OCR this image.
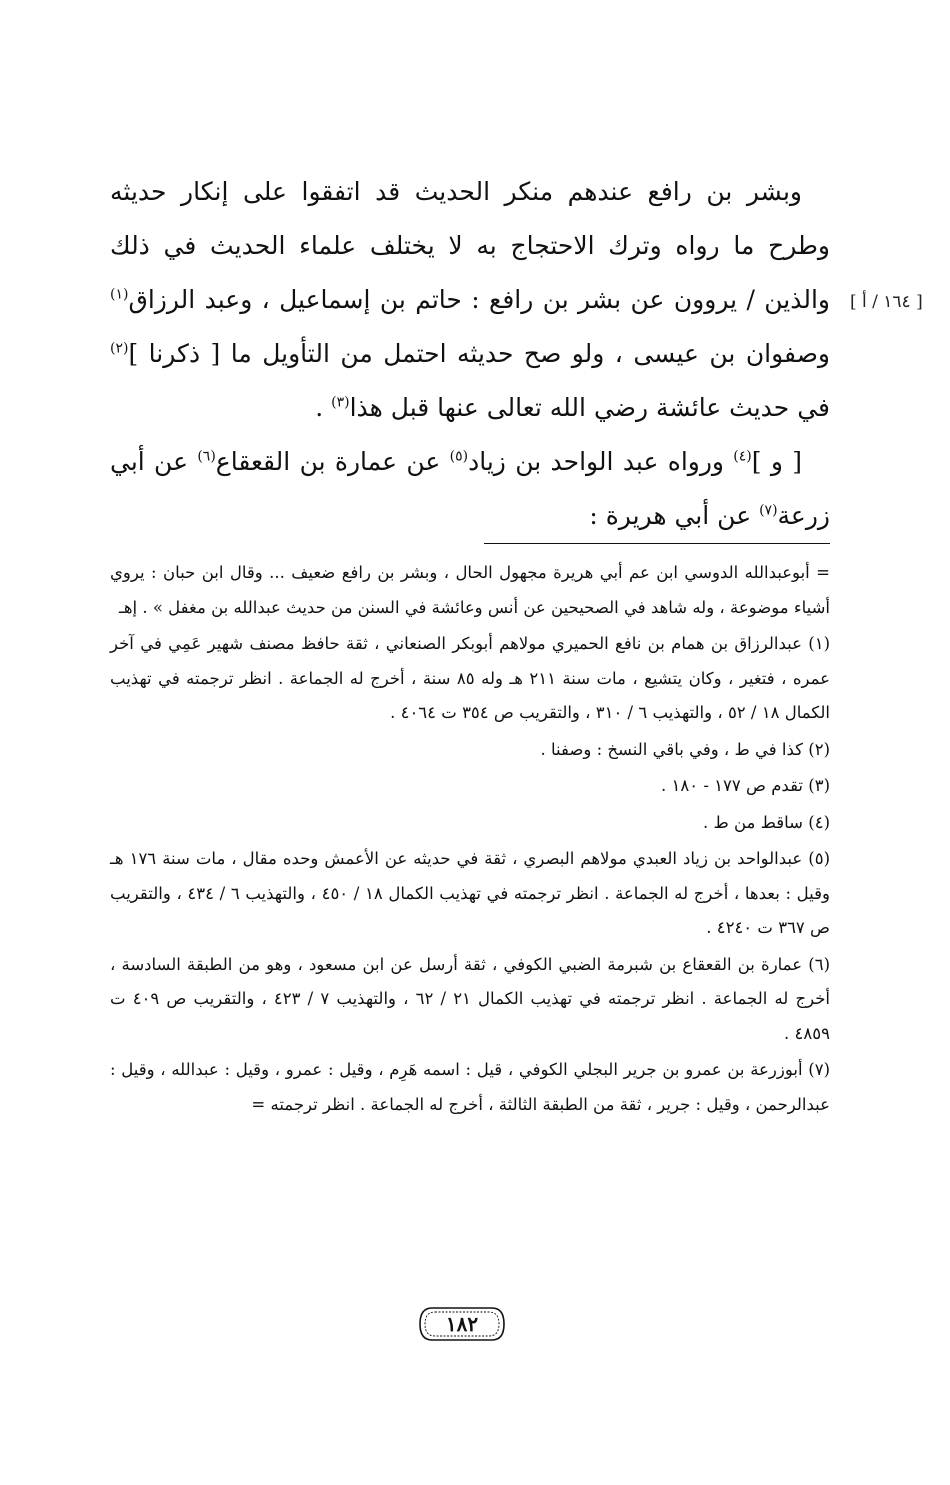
[ ١٦٤ / أ ]

وبشر بن رافع عندهم منكر الحديث قد اتفقوا على إنكار حديثه وطرح ما رواه وترك الاحتجاج به لا يختلف علماء الحديث في ذلك والذين / يروون عن بشر بن رافع : حاتم بن إسماعيل ، وعبد الرزاق$^{(١)}$ وصفوان بن عيسى ، ولو صح حديثه احتمل من التأويل ما [ ذكرنا ]$^{(٢)}$ في حديث عائشة رضي الله تعالى عنها قبل هذا$^{(٣)}$ .

[ و ]$^{(٤)}$ ورواه عبد الواحد بن زياد$^{(٥)}$ عن عمارة بن القعقاع$^{(٦)}$ عن أبي زرعة$^{(٧)}$ عن أبي هريرة :

= أبوعبدالله الدوسي ابن عم أبي هريرة مجهول الحال ، وبشر بن رافع ضعيف ... وقال ابن حبان : يروي أشياء موضوعة ، وله شاهد في الصحيحين عن أنس وعائشة في السنن من حديث عبدالله بن مغفل » . إهـ

(١) عبدالرزاق بن همام بن نافع الحميري مولاهم أبوبكر الصنعاني ، ثقة حافظ مصنف شهير عَمِي في آخر عمره ، فتغير ، وكان يتشيع ، مات سنة ٢١١ هـ وله ٨٥ سنة ، أخرج له الجماعة . انظر ترجمته في تهذيب الكمال ١٨ / ٥٢ ، والتهذيب ٦ / ٣١٠ ، والتقريب ص ٣٥٤ ت ٤٠٦٤ .

(٢) كذا في ط ، وفي باقي النسخ : وصفنا .

(٣) تقدم ص ١٧٧ - ١٨٠ .

(٤) ساقط من ط .

(٥) عبدالواحد بن زياد العبدي مولاهم البصري ، ثقة في حديثه عن الأعمش وحده مقال ، مات سنة ١٧٦ هـ وقيل : بعدها ، أخرج له الجماعة . انظر ترجمته في تهذيب الكمال ١٨ / ٤٥٠ ، والتهذيب ٦ / ٤٣٤ ، والتقريب ص ٣٦٧ ت ٤٢٤٠ .

(٦) عمارة بن القعقاع بن شبرمة الضبي الكوفي ، ثقة أرسل عن ابن مسعود ، وهو من الطبقة السادسة ، أخرج له الجماعة . انظر ترجمته في تهذيب الكمال ٢١ / ٦٢ ، والتهذيب ٧ / ٤٢٣ ، والتقريب ص ٤٠٩ ت ٤٨٥٩ .

(٧) أبوزرعة بن عمرو بن جرير البجلي الكوفي ، قيل : اسمه هَرِم ، وقيل : عمرو ، وقيل : عبدالله ، وقيل : عبدالرحمن ، وقيل : جرير ، ثقة من الطبقة الثالثة ، أخرج له الجماعة . انظر ترجمته =

١٨٢
